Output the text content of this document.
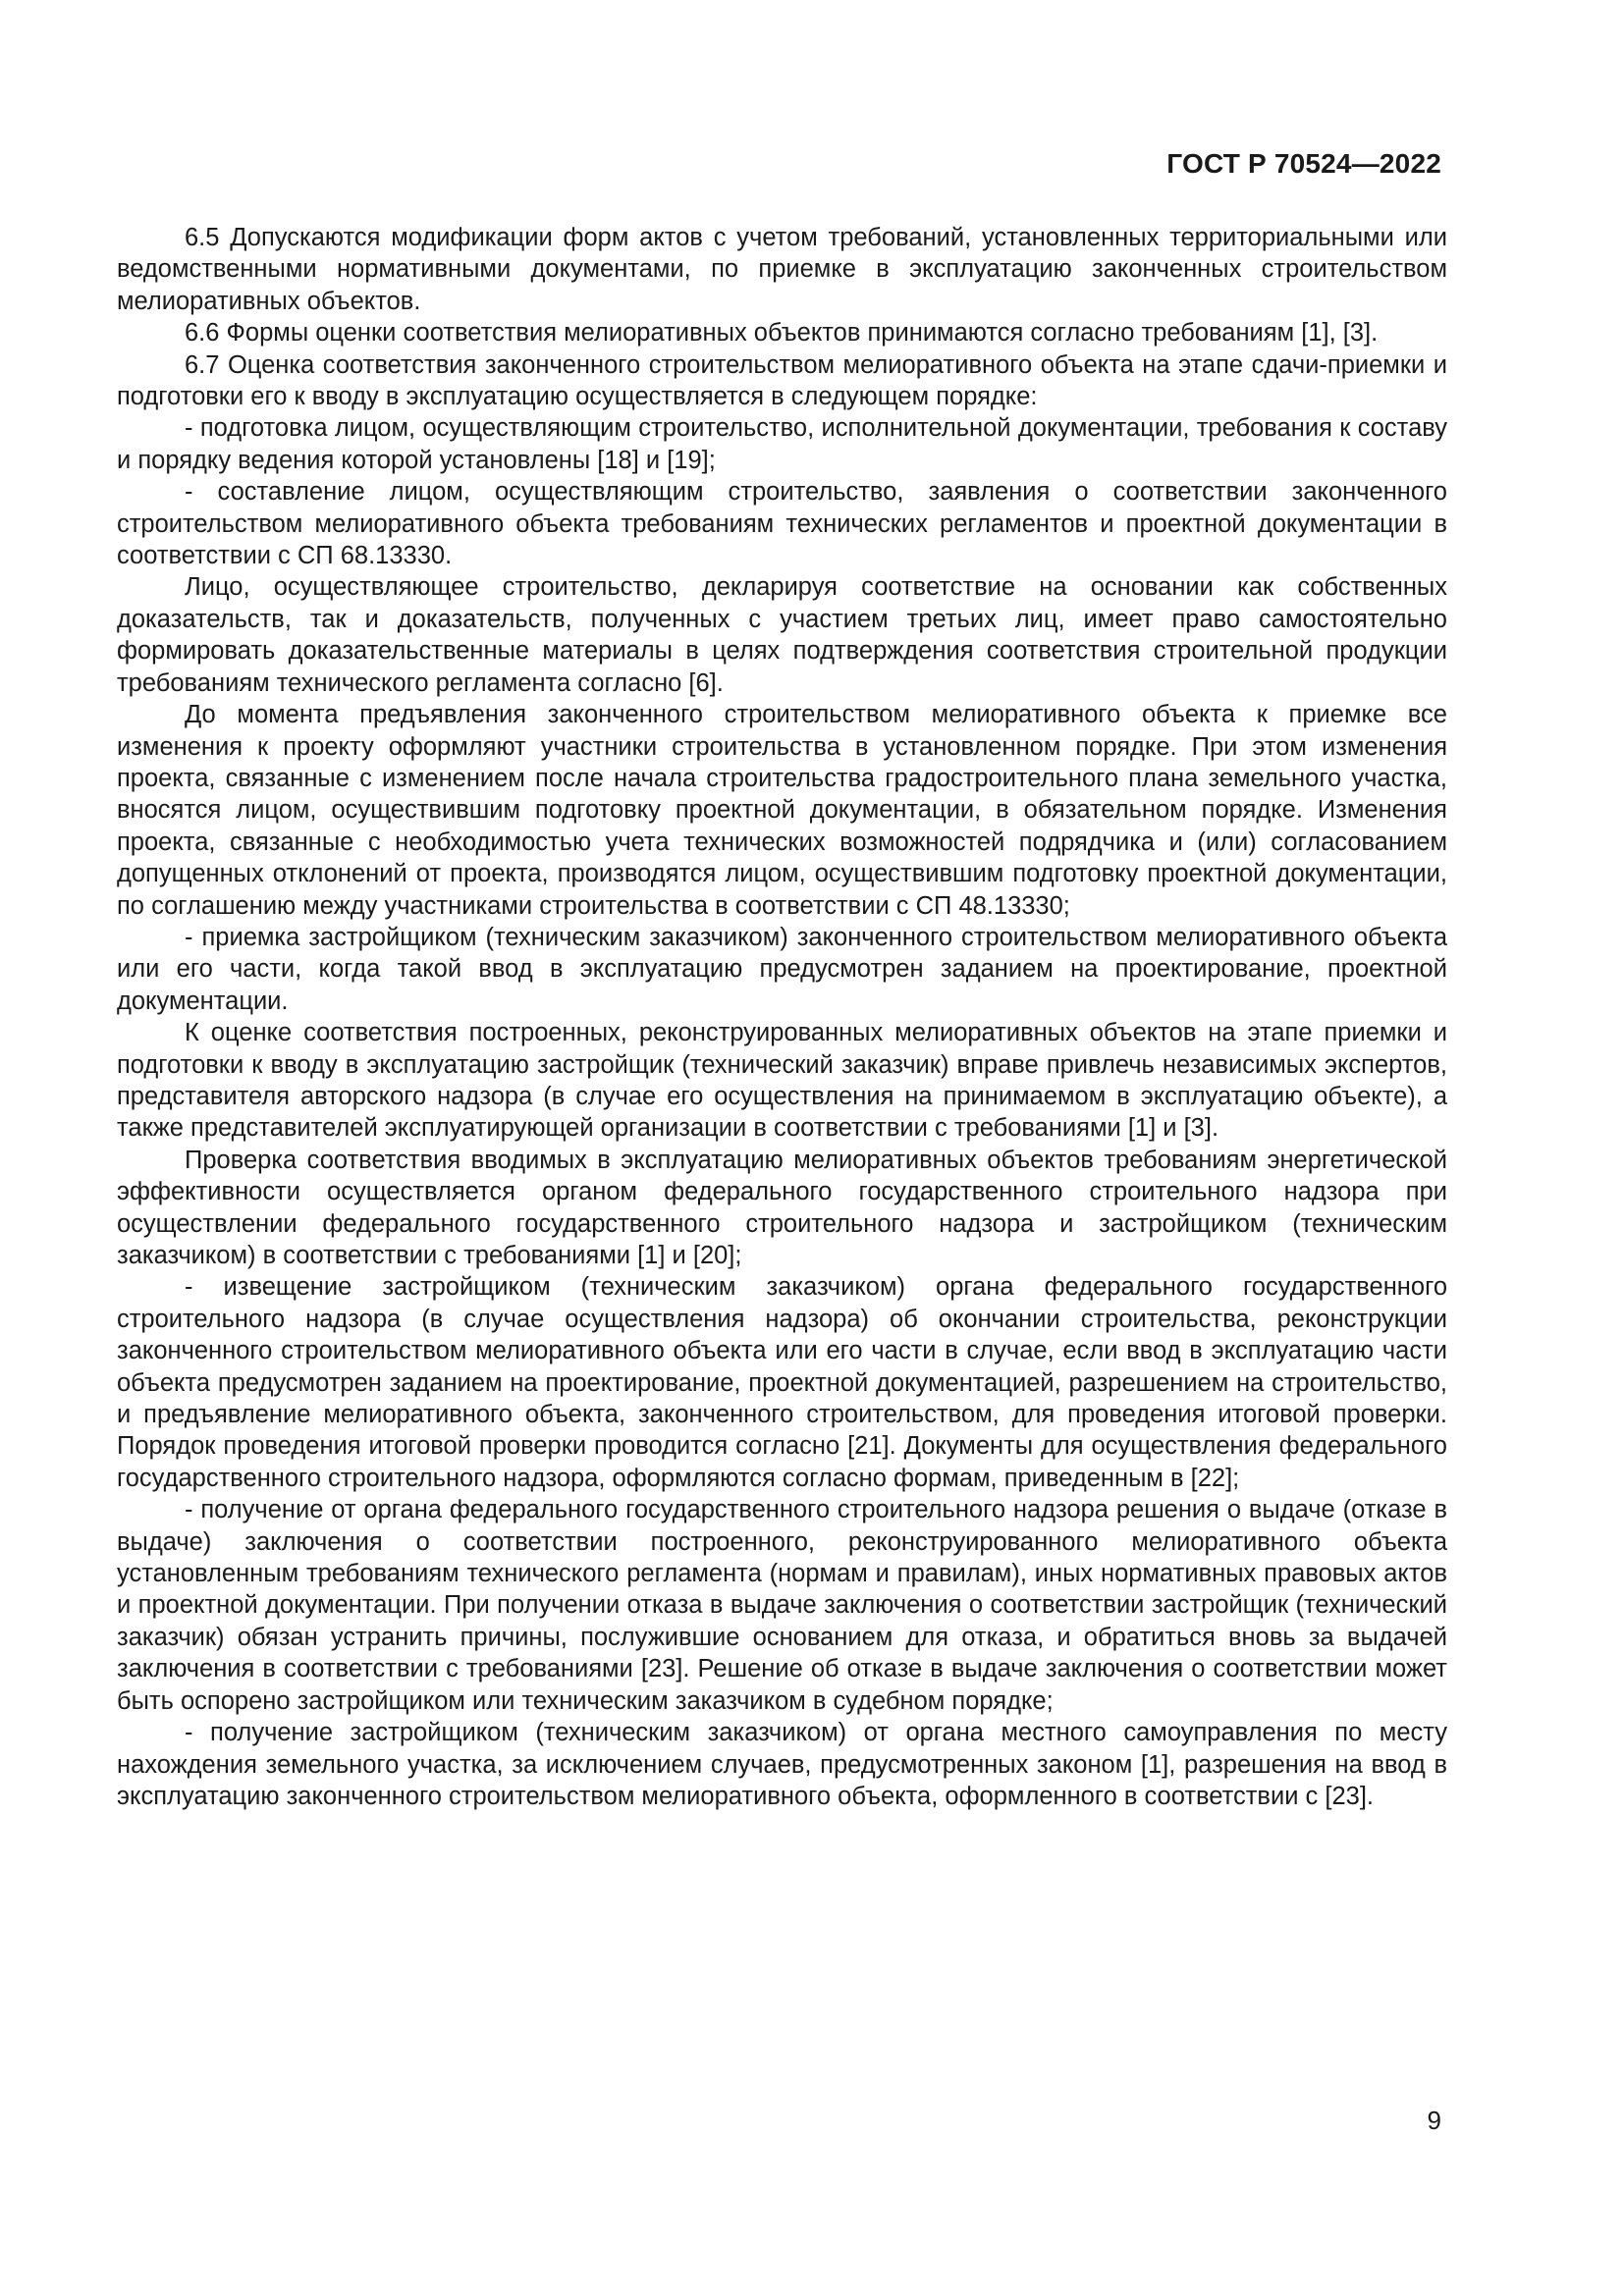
ГОСТ Р 70524—2022

6.5 Допускаются модификации форм актов с учетом требований, установленных территориальными или ведомственными нормативными документами, по приемке в эксплуатацию законченных строительством мелиоративных объектов.

6.6 Формы оценки соответствия мелиоративных объектов принимаются согласно требованиям [1], [3].

6.7 Оценка соответствия законченного строительством мелиоративного объекта на этапе сдачи-приемки и подготовки его к вводу в эксплуатацию осуществляется в следующем порядке:

- подготовка лицом, осуществляющим строительство, исполнительной документации, требования к составу и порядку ведения которой установлены [18] и [19];

- составление лицом, осуществляющим строительство, заявления о соответствии законченного строительством мелиоративного объекта требованиям технических регламентов и проектной документации в соответствии с СП 68.13330.

Лицо, осуществляющее строительство, декларируя соответствие на основании как собственных доказательств, так и доказательств, полученных с участием третьих лиц, имеет право самостоятельно формировать доказательственные материалы в целях подтверждения соответствия строительной продукции требованиям технического регламента согласно [6].

До момента предъявления законченного строительством мелиоративного объекта к приемке все изменения к проекту оформляют участники строительства в установленном порядке. При этом изменения проекта, связанные с изменением после начала строительства градостроительного плана земельного участка, вносятся лицом, осуществившим подготовку проектной документации, в обязательном порядке. Изменения проекта, связанные с необходимостью учета технических возможностей подрядчика и (или) согласованием допущенных отклонений от проекта, производятся лицом, осуществившим подготовку проектной документации, по соглашению между участниками строительства в соответствии с СП 48.13330;

- приемка застройщиком (техническим заказчиком) законченного строительством мелиоративного объекта или его части, когда такой ввод в эксплуатацию предусмотрен заданием на проектирование, проектной документации.

К оценке соответствия построенных, реконструированных мелиоративных объектов на этапе приемки и подготовки к вводу в эксплуатацию застройщик (технический заказчик) вправе привлечь независимых экспертов, представителя авторского надзора (в случае его осуществления на принимаемом в эксплуатацию объекте), а также представителей эксплуатирующей организации в соответствии с требованиями [1] и [3].

Проверка соответствия вводимых в эксплуатацию мелиоративных объектов требованиям энергетической эффективности осуществляется органом федерального государственного строительного надзора при осуществлении федерального государственного строительного надзора и застройщиком (техническим заказчиком) в соответствии с требованиями [1] и [20];

- извещение застройщиком (техническим заказчиком) органа федерального государственного строительного надзора (в случае осуществления надзора) об окончании строительства, реконструкции законченного строительством мелиоративного объекта или его части в случае, если ввод в эксплуатацию части объекта предусмотрен заданием на проектирование, проектной документацией, разрешением на строительство, и предъявление мелиоративного объекта, законченного строительством, для проведения итоговой проверки. Порядок проведения итоговой проверки проводится согласно [21]. Документы для осуществления федерального государственного строительного надзора, оформляются согласно формам, приведенным в [22];

- получение от органа федерального государственного строительного надзора решения о выдаче (отказе в выдаче) заключения о соответствии построенного, реконструированного мелиоративного объекта установленным требованиям технического регламента (нормам и правилам), иных нормативных правовых актов и проектной документации. При получении отказа в выдаче заключения о соответствии застройщик (технический заказчик) обязан устранить причины, послужившие основанием для отказа, и обратиться вновь за выдачей заключения в соответствии с требованиями [23]. Решение об отказе в выдаче заключения о соответствии может быть оспорено застройщиком или техническим заказчиком в судебном порядке;

- получение застройщиком (техническим заказчиком) от органа местного самоуправления по месту нахождения земельного участка, за исключением случаев, предусмотренных законом [1], разрешения на ввод в эксплуатацию законченного строительством мелиоративного объекта, оформленного в соответствии с [23].

9
